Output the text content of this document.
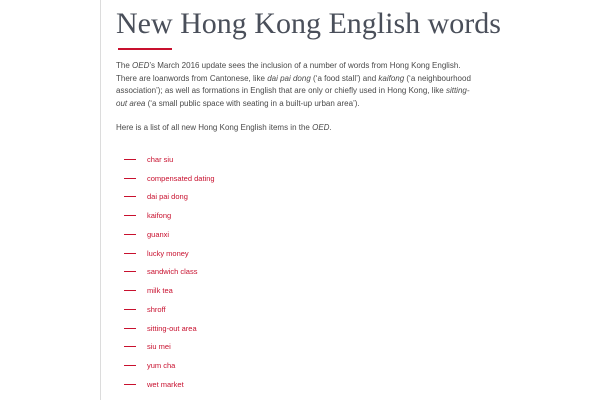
New Hong Kong English words

The OED’s March 2016 update sees the inclusion of a number of words from Hong Kong English. There are loanwords from Cantonese, like dai pai dong (‘a food stall’) and kaifong (‘a neighbourhood association’); as well as formations in English that are only or chiefly used in Hong Kong, like sitting-out area (‘a small public space with seating in a built-up urban area’).

Here is a list of all new Hong Kong English items in the OED.

char siu
compensated dating
dai pai dong
kaifong
guanxi
lucky money
sandwich class
milk tea
shroff
sitting-out area
siu mei
yum cha
wet market
